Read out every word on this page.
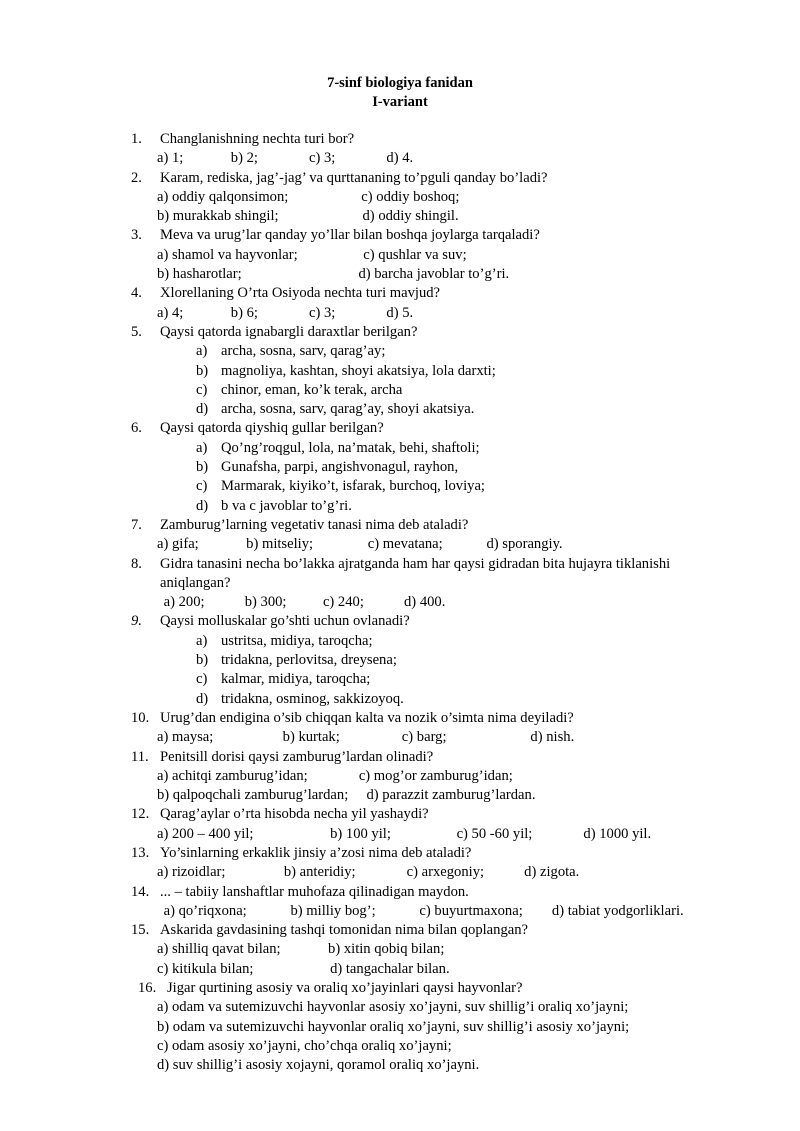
7-sinf biologiya fanidan
I-variant
1.	Changlanishning nechta turi bor?
a) 1;             b) 2;              c) 3;              d) 4.
2.	Karam, rediska, jag’-jag’ va qurttananing to’pguli qanday bo’ladi?
a) oddiy qalqonsimon;                    c) oddiy boshoq;
b) murakkab shingil;                       d) oddiy shingil.
3.	Meva va urug’lar qanday yo’llar bilan boshqa joylarga tarqaladi?
a) shamol va hayvonlar;                  c) qushlar va suv;
b) hasharotlar;                                d) barcha javoblar to’g’ri.
4.	Xlorellaning O’rta Osiyoda nechta turi mavjud?
a) 4;             b) 6;              c) 3;              d) 5.
5.	Qaysi qatorda ignabargli daraxtlar berilgan?
a) archa, sosna, sarv, qarag’ay;
b) magnoliya, kashtan, shoyi akatsiya, lola darxti;
c) chinor, eman, ko’k terak, archa
d) archa, sosna, sarv, qarag’ay, shoyi akatsiya.
6.	Qaysi qatorda qiyshiq gullar berilgan?
a) Qo’ng’roqgul, lola, na’matak, behi, shaftoli;
b) Gunafsha, parpi, angishvonagul, rayhon,
c) Marmarak, kiyiko’t, isfarak, burchoq, loviya;
d) b va c javoblar to’g’ri.
7.	Zamburug’larning vegetativ tanasi nima deb ataladi?
a) gifa;             b) mitseliy;               c) mevatana;            d) sporangiy.
8.	Gidra tanasini necha bo’lakka ajratganda ham har qaysi gidradan bita hujayra tiklanishi
aniqlangan?
a) 200;           b) 300;          c) 240;           d) 400.
9.	Qaysi molluskalar go’shti uchun ovlanadi?
a) ustritsa, midiya, taroqcha;
b) tridakna, perlovitsa, dreysena;
c) kalmar, midiya, taroqcha;
d) tridakna, osminog, sakkizoyoq.
10. Urug’dan endigina o’sib chiqqan kalta va nozik o’simta nima deyiladi?
a) maysa;                   b) kurtak;                 c) barg;                       d) nish.
11. Penitsill dorisi qaysi zamburug’lardan olinadi?
a) achitqi zamburug’idan;              c) mog’or zamburug’idan;
b) qalpoqchali zamburug’lardan;     d) parazzit zamburug’lardan.
12. Qarag’aylar o’rta hisobda necha yil yashaydi?
a) 200 – 400 yil;                     b) 100 yil;                  c) 50 -60 yil;              d) 1000 yil.
13. Yo’sinlarning erkaklik jinsiy a’zosi nima deb ataladi?
a) rizoidlar;                b) anteridiy;              c) arxegoniy;           d) zigota.
14. ... – tabiiy lanshaftlar muhofaza qilinadigan maydon.
a) qo’riqxona;            b) milliy bog’;            c) buyurtmaxona;        d) tabiat yodgorliklari.
15. Askarida gavdasining tashqi tomonidan nima bilan qoplangan?
a) shilliq qavat bilan;             b) xitin qobiq bilan;
c) kitikula bilan;                     d) tangachalar bilan.
16. Jigar qurtining asosiy va oraliq xo’jayinlari qaysi hayvonlar?
a) odam va sutemizuvchi hayvonlar asosiy xo’jayni, suv shillig’i oraliq xo’jayni;
b) odam va sutemizuvchi hayvonlar oraliq xo’jayni, suv shillig’i asosiy xo’jayni;
c) odam asosiy xo’jayni, cho’chqa oraliq xo’jayni;
d) suv shillig’i asosiy xojayni, qoramol oraliq xo’jayni.
